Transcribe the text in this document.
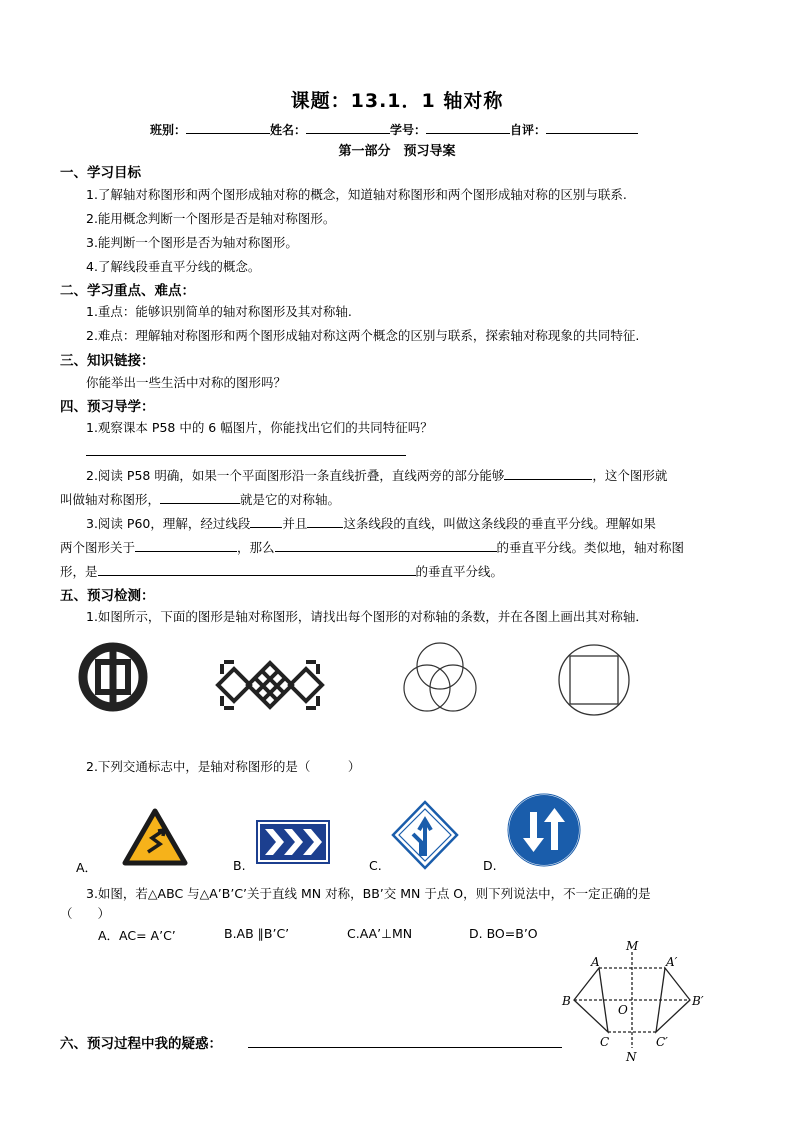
课题：13.1．1 轴对称
班别：	姓名：	学号：	自评：
第一部分　预习导案
一、学习目标
1.了解轴对称图形和两个图形成轴对称的概念，知道轴对称图形和两个图形成轴对称的区别与联系.
2.能用概念判断一个图形是否是轴对称图形。
3.能判断一个图形是否为轴对称图形。
4.了解线段垂直平分线的概念。
二、学习重点、难点：
1.重点：能够识别简单的轴对称图形及其对称轴.
2.难点：理解轴对称图形和两个图形成轴对称这两个概念的区别与联系，探索轴对称现象的共同特征.
三、知识链接：
你能举出一些生活中对称的图形吗？
四、预习导学：
1.观察课本 P58 中的 6 幅图片，你能找出它们的共同特征吗？
2.阅读 P58 明确，如果一个平面图形沿一条直线折叠，直线两旁的部分能够	，这个图形就
叫做轴对称图形，	就是它的对称轴。
3.阅读 P60，理解，经过线段	并且	这条线段的直线，叫做这条线段的垂直平分线。理解如果
两个图形关于	，那么	的垂直平分线。类似地，轴对称图
形，是	的垂直平分线。
五、预习检测：
1.如图所示，下面的图形是轴对称图形，请找出每个图形的对称轴的条数，并在各图上画出其对称轴．
2.下列交通标志中，是轴对称图形的是（　　　）
A．	B.	C.	D.
3.如图，若△ABC 与△A’B’C’关于直线 MN 对称，BB’交 MN 于点 O，则下列说法中，不一定正确的是
（　　）
A．AC= A’C’	B.AB ∥B’C’	C.AA’⊥MN	D. BO=B’O
M
N
A	A′
B	B′
C	C′
O
六、预习过程中我的疑惑：
